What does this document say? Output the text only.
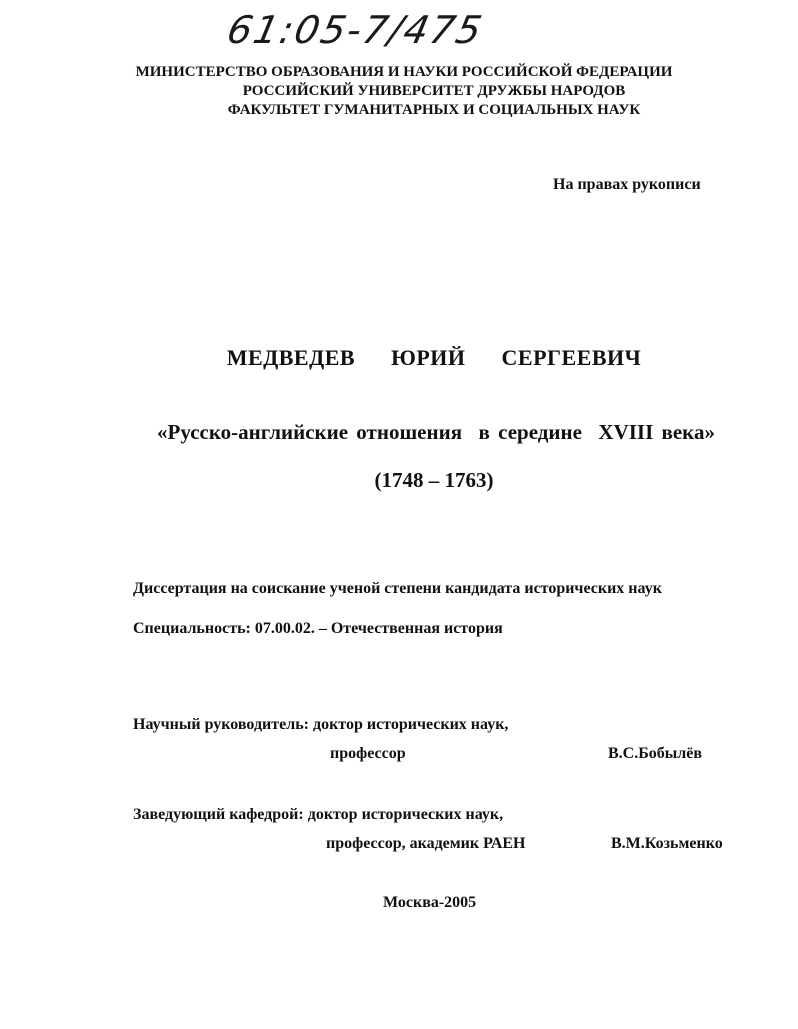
61:05-7/475
МИНИСТЕРСТВО ОБРАЗОВАНИЯ И НАУКИ РОССИЙСКОЙ ФЕДЕРАЦИИ
РОССИЙСКИЙ УНИВЕРСИТЕТ ДРУЖБЫ НАРОДОВ
ФАКУЛЬТЕТ ГУМАНИТАРНЫХ И СОЦИАЛЬНЫХ НАУК
На правах рукописи
МЕДВЕДЕВ   ЮРИЙ   СЕРГЕЕВИЧ
«Русско-английские отношения  в середине  XVIII века»
(1748 – 1763)
Диссертация на соискание ученой степени кандидата исторических наук
Специальность: 07.00.02. – Отечественная история
Научный руководитель: доктор исторических наук,
профессор	В.С.Бобылёв
Заведующий кафедрой: доктор исторических наук,
профессор, академик РАЕН	В.М.Козьменко
Москва-2005
